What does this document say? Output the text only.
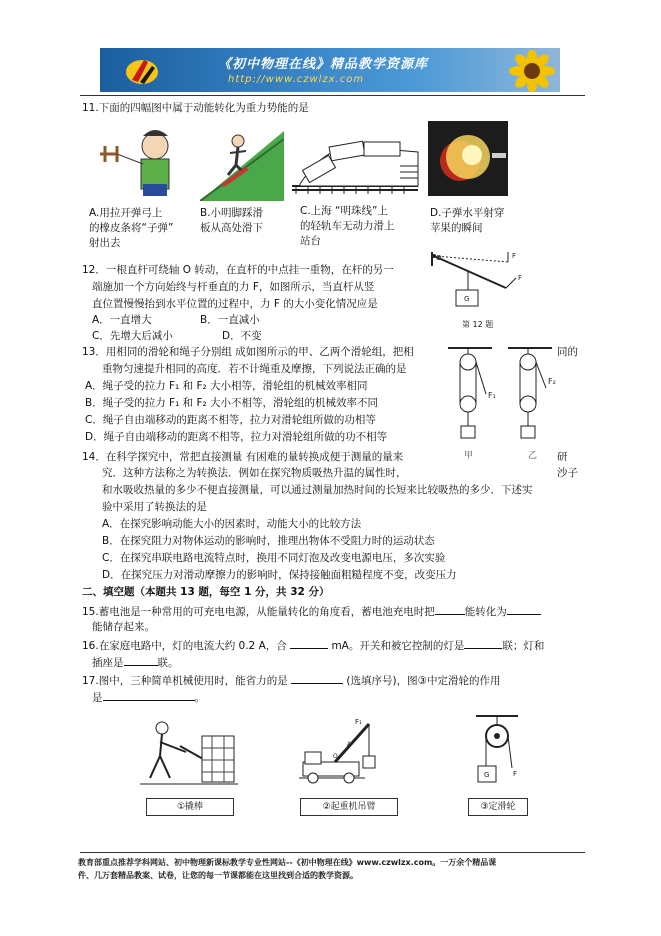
《初中物理在线》精品教学资源库
http://www.czwlzx.com
11.下面的四幅图中属于动能转化为重力势能的是
A.用拉开弹弓上
的橡皮条将“子弹”
射出去
B.小明脚踩滑
板从高处滑下
C.上海 “明珠线”上
的轻轨车无动力滑上
站台
D.子弹水平射穿
苹果的瞬间
12．一根直杆可绕轴 O 转动，在直杆的中点挂一重物，在杆的另一
端施加一个方向始终与杆垂直的力 F，如图所示，当直杆从竖
直位置慢慢抬到水平位置的过程中，力 F 的大小变化情况应是
A．一直增大	B．一直减小
C．先增大后减小	D．不变
F
F
G
第 12 题
13．用相同的滑轮和绳子分别组 成如图所示的甲、乙两个滑轮组，把相	同的
重物匀速提升相同的高度．若不计绳重及摩擦，下列说法正确的是
A．绳子受的拉力 F₁ 和 F₂ 大小相等，滑轮组的机械效率相同
B．绳子受的拉力 F₁ 和 F₂ 大小不相等，滑轮组的机械效率不同
C．绳子自由端移动的距离不相等，拉力对滑轮组所做的功相等
D．绳子自由端移动的距离不相等，拉力对滑轮组所做的功不相等
F₁
F₂
甲	乙
14．在科学探究中，常把直接测量 有困难的量转换成便于测量的量来	研
究．这种方法称之为转换法．例如在探究物质吸热升温的属性时，	沙子
和水吸收热量的多少不便直接测量，可以通过测量加热时间的长短来比较吸热的多少．下述实
验中采用了转换法的是
A．在探究影响动能大小的因素时，动能大小的比较方法
B．在探究阻力对物体运动的影响时，推理出物体不受阻力时的运动状态
C．在探究串联电路电流特点时，换用不同灯泡及改变电源电压，多次实验
D．在探究压力对滑动摩擦力的影响时，保持接触面粗糙程度不变，改变压力
二、填空题（本题共 13 题，每空 1 分，共 32 分）
15.蓄电池是一种常用的可充电电源，从能量转化的角度看，蓄电池充电时把	能转化为
能储存起来。
16.在家庭电路中，灯的电流大约 0.2 A，合	mA。开关和被它控制的灯是	联；灯和
插座是	联。
17.图中，三种简单机械使用时，能省力的是	(选填序号)，图③中定滑轮的作用
是	。
F₁
A
O
G	F
①撬棒	②起重机吊臂	③定滑轮
教育部重点推荐学科网站、初中物理新课标教学专业性网站--《初中物理在线》www.czwlzx.com。一万余个精品课
件、几万套精品教案、试卷，让您的每一节课都能在这里找到合适的教学资源。
